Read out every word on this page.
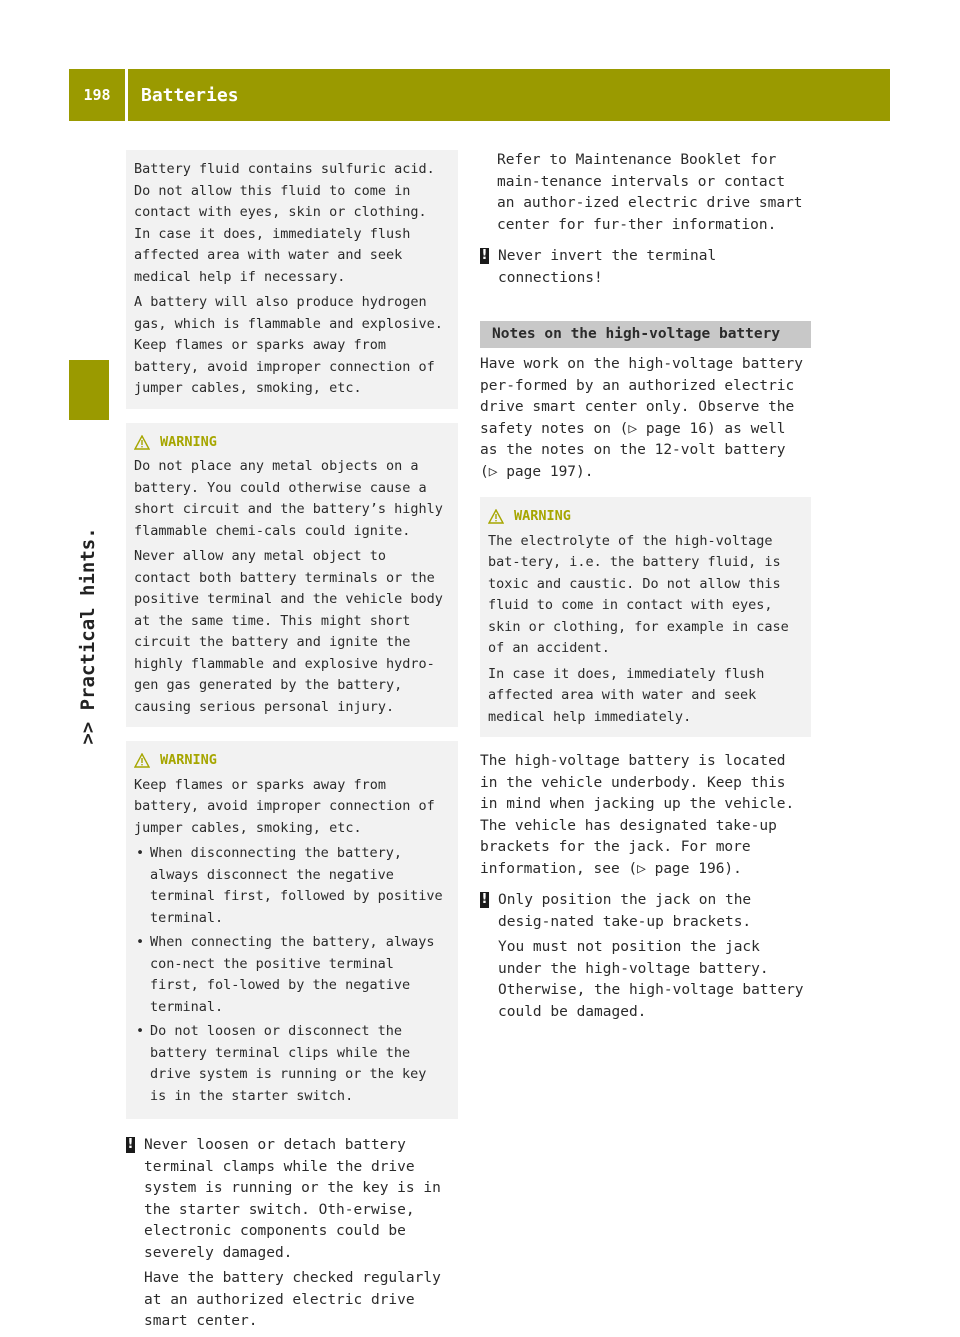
198	Batteries
>> Practical hints.

Battery fluid contains sulfuric acid. Do not allow this fluid to come in contact with eyes, skin or clothing. In case it does, immediately flush affected area with water and seek medical help if necessary.

A battery will also produce hydrogen gas, which is flammable and explosive. Keep flames or sparks away from battery, avoid improper connection of jumper cables, smoking, etc.

WARNING

Do not place any metal objects on a battery. You could otherwise cause a short circuit and the battery’s highly flammable chemi-cals could ignite.

Never allow any metal object to contact both battery terminals or the positive terminal and the vehicle body at the same time. This might short circuit the battery and ignite the highly flammable and explosive hydro-gen gas generated by the battery, causing serious personal injury.

WARNING

Keep flames or sparks away from battery, avoid improper connection of jumper cables, smoking, etc.

• When disconnecting the battery, always disconnect the negative terminal first, followed by positive terminal.
• When connecting the battery, always con-nect the positive terminal first, fol-lowed by the negative terminal.
• Do not loosen or disconnect the battery terminal clips while the drive system is running or the key is in the starter switch.
! Never loosen or detach battery terminal clamps while the drive system is running or the key is in the starter switch. Oth-erwise, electronic components could be severely damaged.

Have the battery checked regularly at an authorized electric drive smart center.

Refer to Maintenance Booklet for main-tenance intervals or contact an author-ized electric drive smart center for fur-ther information.

! Never invert the terminal connections!

Notes on the high-voltage battery

Have work on the high-voltage battery per-formed by an authorized electric drive smart center only. Observe the safety notes on (▷ page 16) as well as the notes on the 12-volt battery (▷ page 197).

WARNING

The electrolyte of the high-voltage bat-tery, i.e. the battery fluid, is toxic and caustic. Do not allow this fluid to come in contact with eyes, skin or clothing, for example in case of an accident.

In case it does, immediately flush affected area with water and seek medical help immediately.

The high-voltage battery is located in the vehicle underbody. Keep this in mind when jacking up the vehicle. The vehicle has designated take-up brackets for the jack. For more information, see (▷ page 196).

! Only position the jack on the desig-nated take-up brackets.

You must not position the jack under the high-voltage battery. Otherwise, the high-voltage battery could be damaged.
